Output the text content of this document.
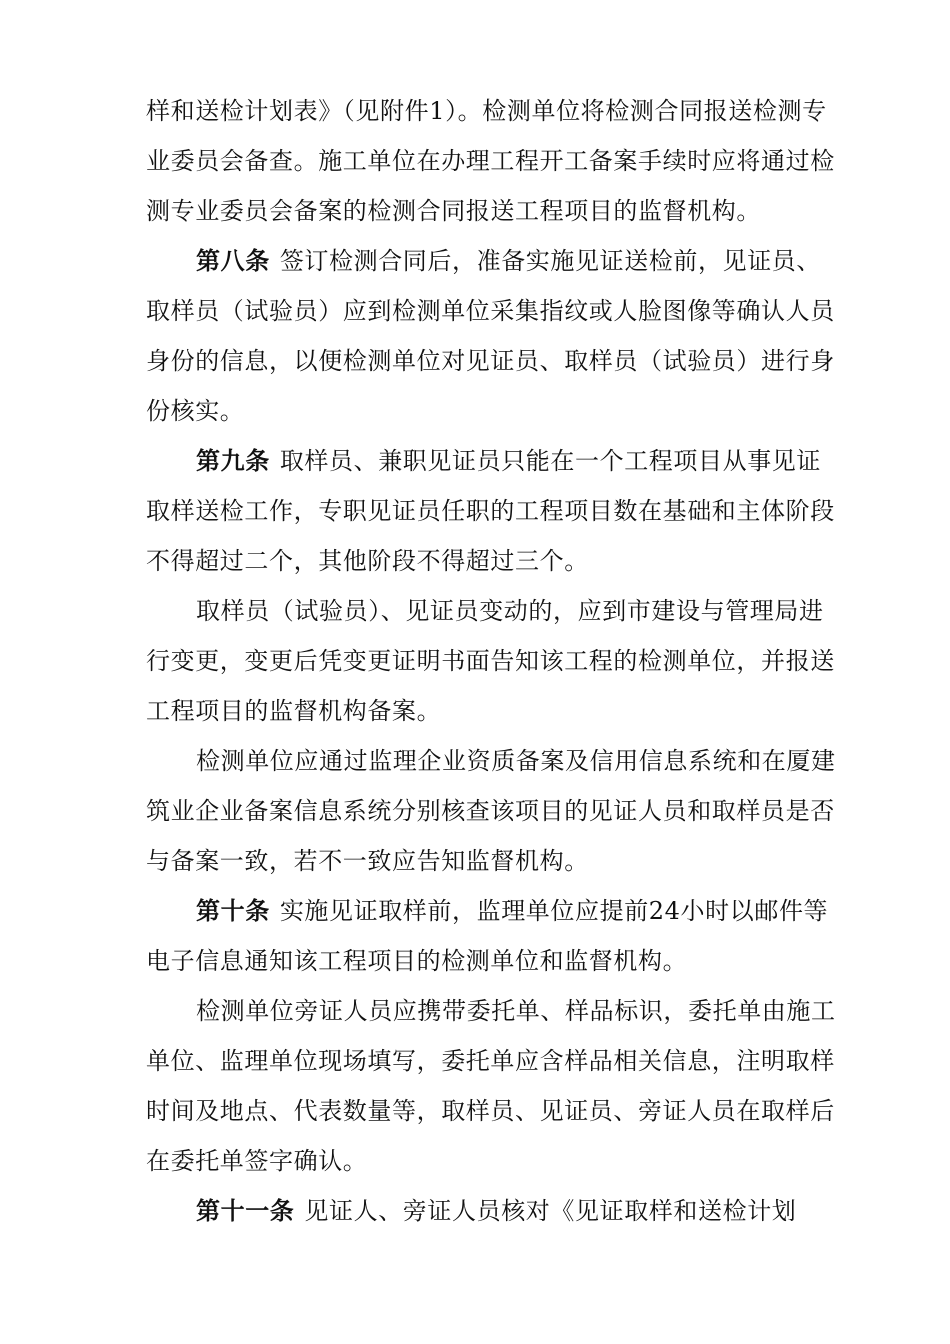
样和送检计划表》（见附件1）。检测单位将检测合同报送检测专业委员会备查。施工单位在办理工程开工备案手续时应将通过检测专业委员会备案的检测合同报送工程项目的监督机构。

第八条 签订检测合同后，准备实施见证送检前，见证员、取样员（试验员）应到检测单位采集指纹或人脸图像等确认人员身份的信息，以便检测单位对见证员、取样员（试验员）进行身份核实。

第九条 取样员、兼职见证员只能在一个工程项目从事见证取样送检工作，专职见证员任职的工程项目数在基础和主体阶段不得超过二个，其他阶段不得超过三个。

取样员（试验员）、见证员变动的，应到市建设与管理局进行变更，变更后凭变更证明书面告知该工程的检测单位，并报送工程项目的监督机构备案。

检测单位应通过监理企业资质备案及信用信息系统和在厦建筑业企业备案信息系统分别核查该项目的见证人员和取样员是否与备案一致，若不一致应告知监督机构。

第十条 实施见证取样前，监理单位应提前24小时以邮件等电子信息通知该工程项目的检测单位和监督机构。

检测单位旁证人员应携带委托单、样品标识，委托单由施工单位、监理单位现场填写，委托单应含样品相关信息，注明取样时间及地点、代表数量等，取样员、见证员、旁证人员在取样后在委托单签字确认。

第十一条 见证人、旁证人员核对《见证取样和送检计划
